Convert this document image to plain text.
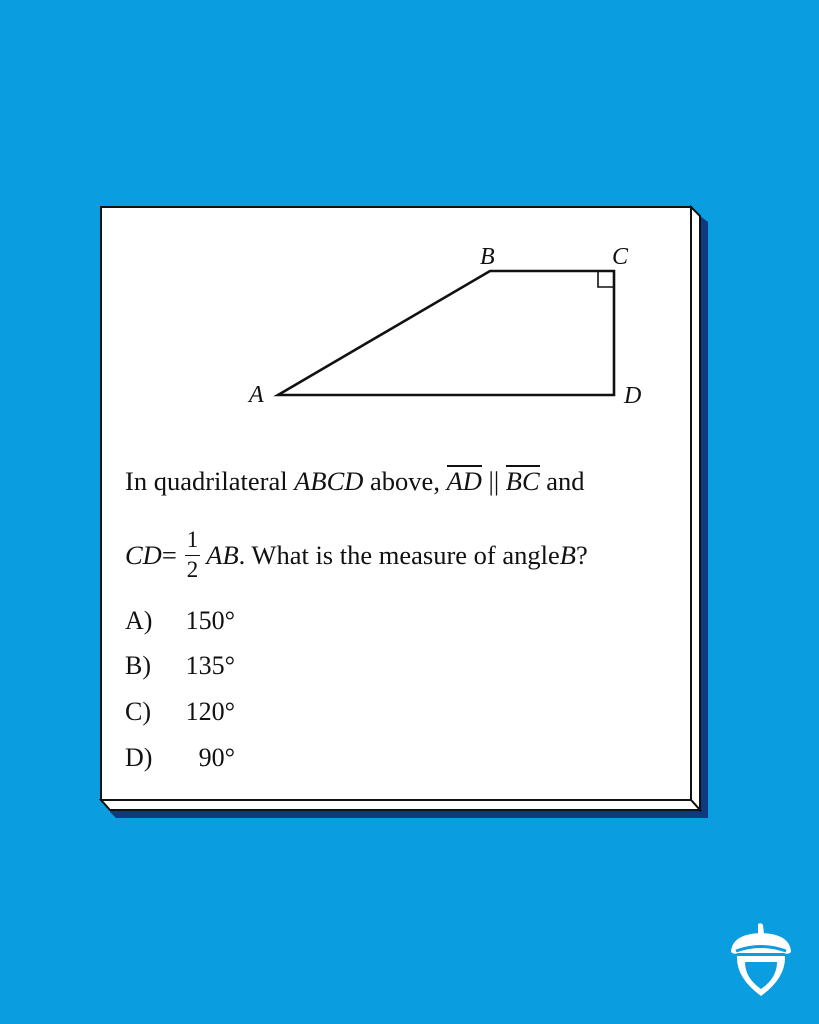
A
B	C
D
In quadrilateral ABCD above, AD || BC and
CD = $\frac{1}{2}$ AB . What is the measure of angle B ?
A) 150°
B) 135°
C) 120°
D) 90°
